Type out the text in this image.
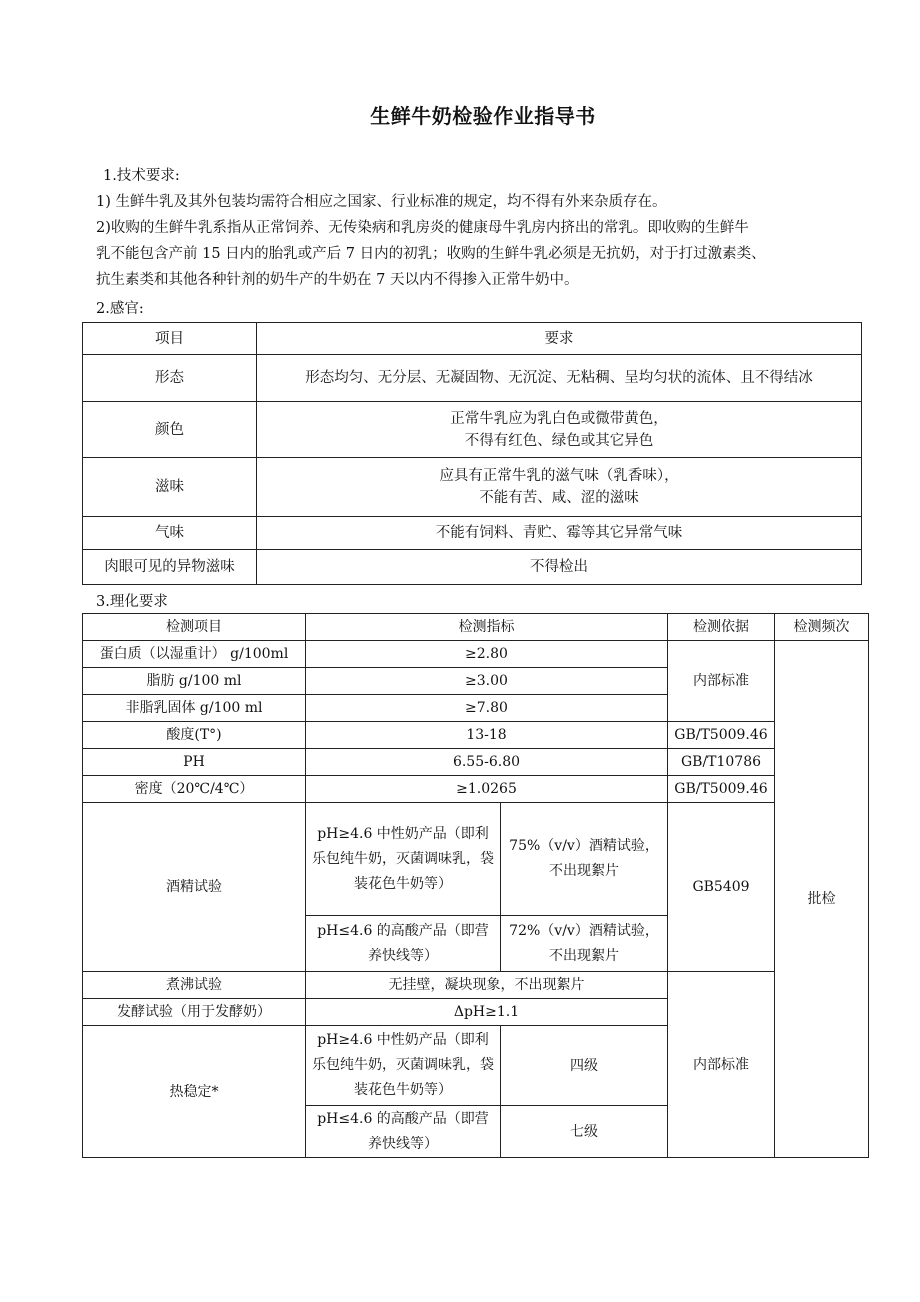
生鲜牛奶检验作业指导书
1.技术要求:
1) 生鲜牛乳及其外包装均需符合相应之国家、行业标准的规定，均不得有外来杂质存在。
2)收购的生鲜牛乳系指从正常饲养、无传染病和乳房炎的健康母牛乳房内挤出的常乳。即收购的生鲜牛
乳不能包含产前 15 日内的胎乳或产后 7 日内的初乳；收购的生鲜牛乳必须是无抗奶，对于打过激素类、
抗生素类和其他各种针剂的奶牛产的牛奶在 7 天以内不得掺入正常牛奶中。
2.感官:
项目	要求
形态	形态均匀、无分层、无凝固物、无沉淀、无粘稠、呈均匀状的流体、且不得结冰
颜色	正常牛乳应为乳白色或微带黄色，
不得有红色、绿色或其它异色

滋味	应具有正常牛乳的滋气味（乳香味），
不能有苦、咸、涩的滋味

气味	不能有饲料、青贮、霉等其它异常气味
肉眼可见的异物滋味	不得检出
3.理化要求
检测项目	检测指标		检测依据	检测频次
蛋白质（以湿重计） g/100ml	≥2.80		内部标准	批检
脂肪 g/100 ml	≥3.00			
非脂乳固体 g/100 ml	≥7.80			
酸度(T°)	13-18		GB/T5009.46	
PH	6.55-6.80		GB/T10786	
密度（20℃/4℃）	≥1.0265		GB/T5009.46	
酒精试验	pH≥4.6 中性奶产品（即利乐包纯牛奶，灭菌调味乳，袋装花色牛奶等）	75%（v/v）酒精试验，不出现絮片	GB5409	
	pH≤4.6 的高酸产品（即营养快线等）	72%（v/v）酒精试验，不出现絮片		
煮沸试验	无挂壁，凝块现象，不出现絮片		内部标准	
发酵试验（用于发酵奶）	ΔpH≥1.1			
热稳定*	pH≥4.6 中性奶产品（即利乐包纯牛奶，灭菌调味乳，袋装花色牛奶等）	四级		
	pH≤4.6 的高酸产品（即营养快线等）	七级		
